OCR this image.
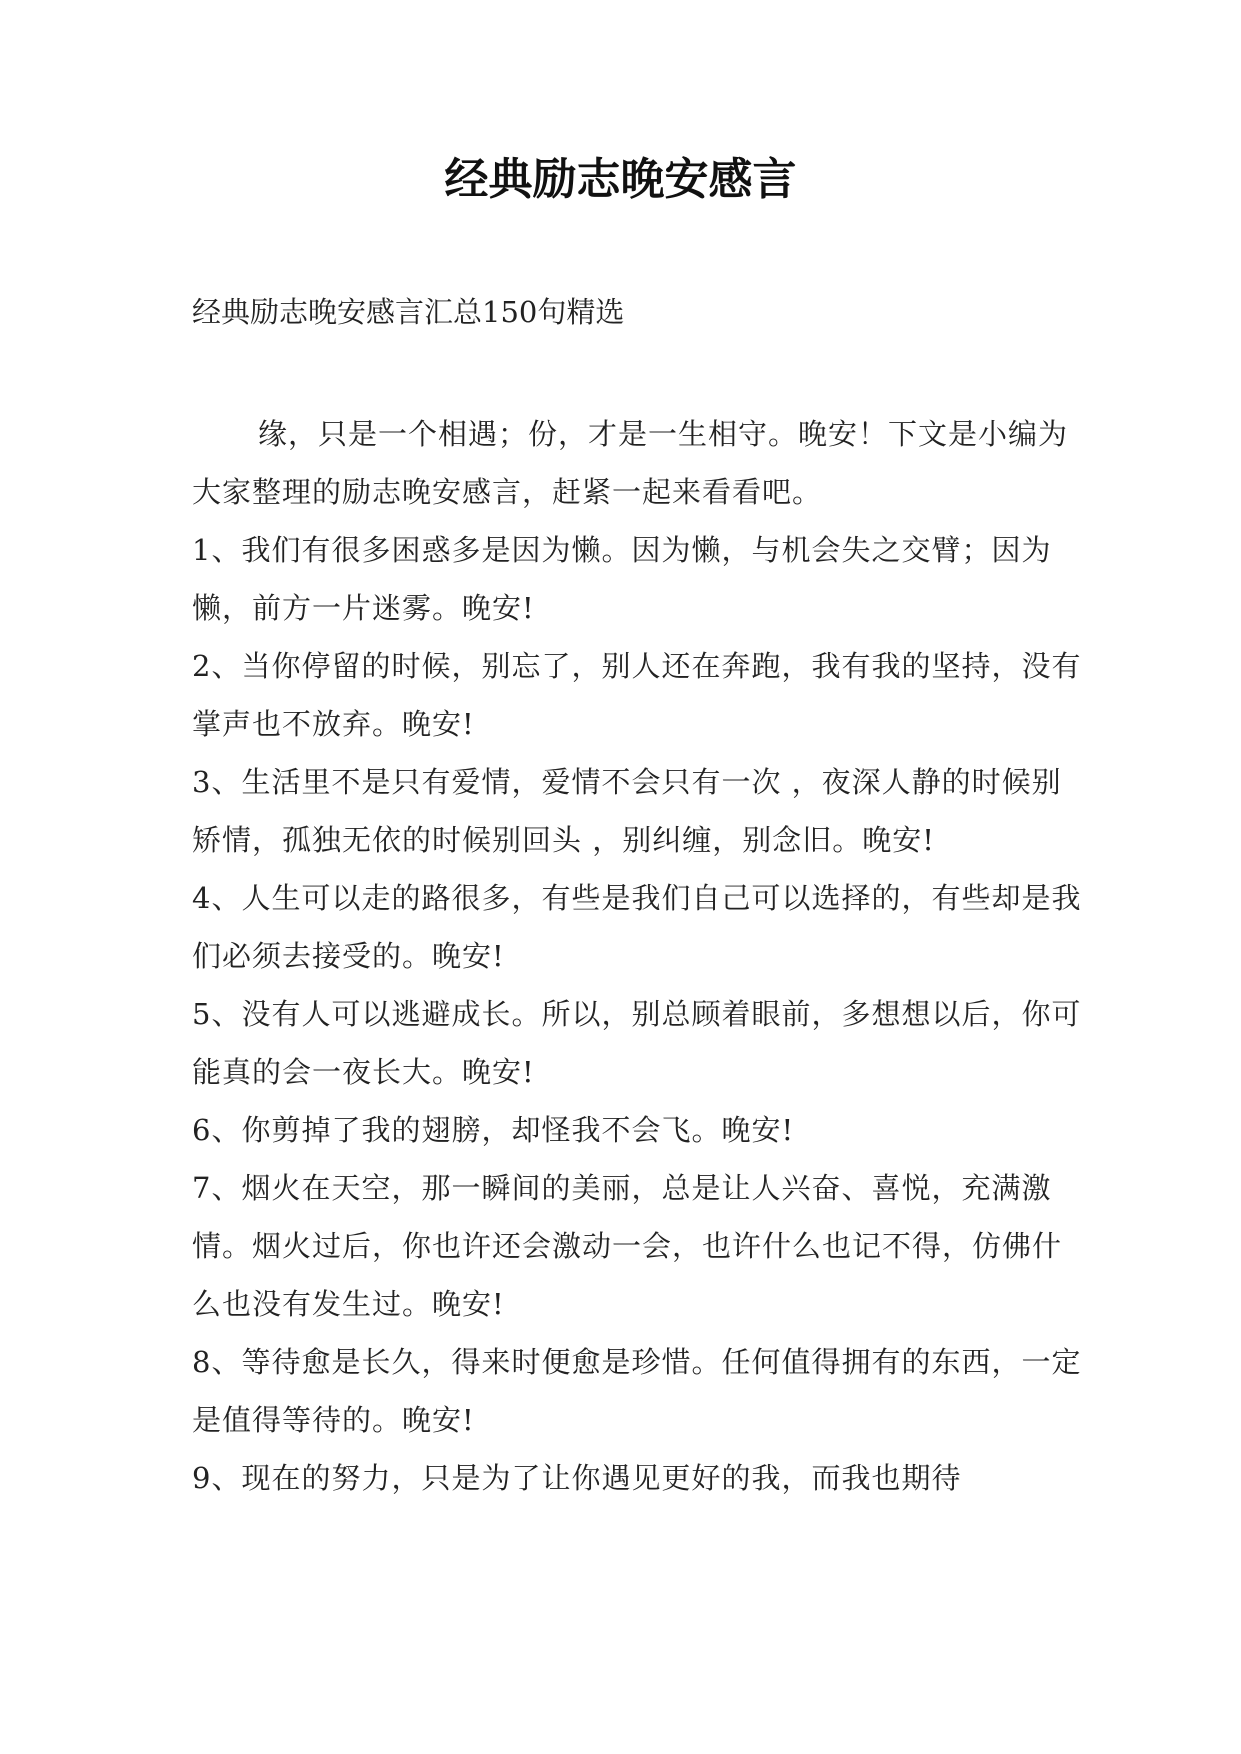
经典励志晚安感言

经典励志晚安感言汇总150句精选

缘，只是一个相遇；份，才是一生相守。晚安！下文是小编为大家整理的励志晚安感言，赶紧一起来看看吧。

1、我们有很多困惑多是因为懒。因为懒，与机会失之交臂；因为懒，前方一片迷雾。晚安!

2、当你停留的时候，别忘了，别人还在奔跑，我有我的坚持，没有掌声也不放弃。晚安!

3、生活里不是只有爱情，爱情不会只有一次 ，夜深人静的时候别矫情，孤独无依的时候别回头 ，别纠缠，别念旧。晚安!

4、人生可以走的路很多，有些是我们自己可以选择的，有些却是我们必须去接受的。晚安!

5、没有人可以逃避成长。所以，别总顾着眼前，多想想以后，你可能真的会一夜长大。晚安!

6、你剪掉了我的翅膀，却怪我不会飞。晚安!

7、烟火在天空，那一瞬间的美丽，总是让人兴奋、喜悦，充满激情。烟火过后，你也许还会激动一会，也许什么也记不得，仿佛什么也没有发生过。晚安!

8、等待愈是长久，得来时便愈是珍惜。任何值得拥有的东西，一定是值得等待的。晚安!

9、现在的努力，只是为了让你遇见更好的我，而我也期待
